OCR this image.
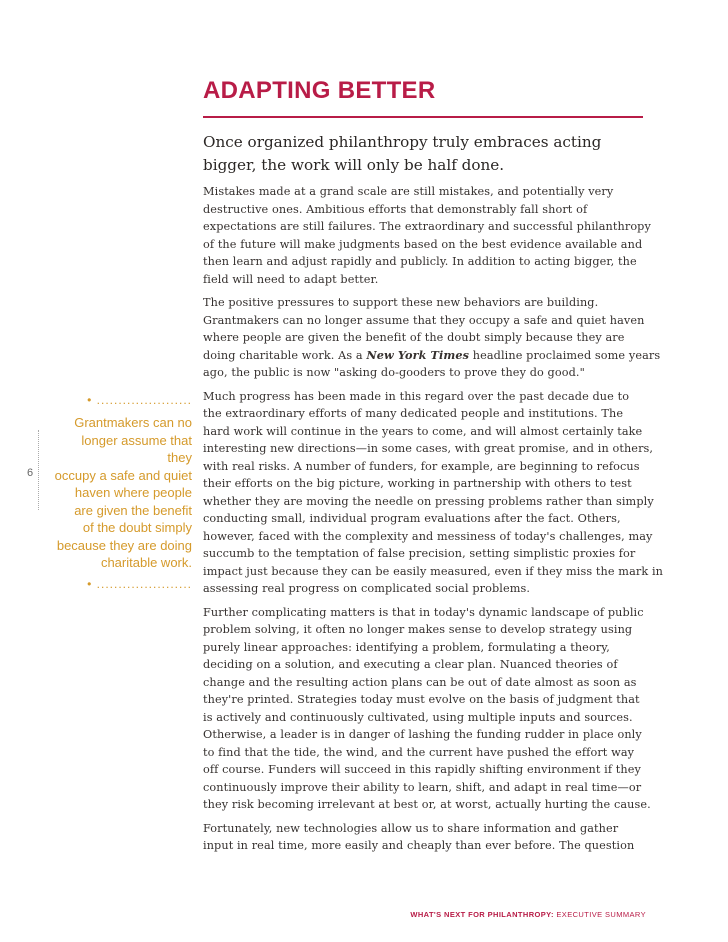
6
• ......................
Grantmakers can no
longer assume that they
occupy a safe and quiet
haven where people
are given the benefit
of the doubt simply
because they are doing
charitable work.
• ......................
ADAPTING BETTER
Once organized philanthropy truly embraces acting
bigger, the work will only be half done.

Mistakes made at a grand scale are still mistakes, and potentially very
destructive ones. Ambitious efforts that demonstrably fall short of
expectations are still failures. The extraordinary and successful philanthropy
of the future will make judgments based on the best evidence available and
then learn and adjust rapidly and publicly. In addition to acting bigger, the
field will need to adapt better.

The positive pressures to support these new behaviors are building.
Grantmakers can no longer assume that they occupy a safe and quiet haven
where people are given the benefit of the doubt simply because they are
doing charitable work. As a New York Times headline proclaimed some years
ago, the public is now "asking do-gooders to prove they do good."

Much progress has been made in this regard over the past decade due to
the extraordinary efforts of many dedicated people and institutions. The
hard work will continue in the years to come, and will almost certainly take
interesting new directions—in some cases, with great promise, and in others,
with real risks. A number of funders, for example, are beginning to refocus
their efforts on the big picture, working in partnership with others to test
whether they are moving the needle on pressing problems rather than simply
conducting small, individual program evaluations after the fact. Others,
however, faced with the complexity and messiness of today's challenges, may
succumb to the temptation of false precision, setting simplistic proxies for
impact just because they can be easily measured, even if they miss the mark in
assessing real progress on complicated social problems.

Further complicating matters is that in today's dynamic landscape of public
problem solving, it often no longer makes sense to develop strategy using
purely linear approaches: identifying a problem, formulating a theory,
deciding on a solution, and executing a clear plan. Nuanced theories of
change and the resulting action plans can be out of date almost as soon as
they're printed. Strategies today must evolve on the basis of judgment that
is actively and continuously cultivated, using multiple inputs and sources.
Otherwise, a leader is in danger of lashing the funding rudder in place only
to find that the tide, the wind, and the current have pushed the effort way
off course. Funders will succeed in this rapidly shifting environment if they
continuously improve their ability to learn, shift, and adapt in real time—or
they risk becoming irrelevant at best or, at worst, actually hurting the cause.

Fortunately, new technologies allow us to share information and gather
input in real time, more easily and cheaply than ever before. The question

WHAT'S NEXT FOR PHILANTHROPY: EXECUTIVE SUMMARY
